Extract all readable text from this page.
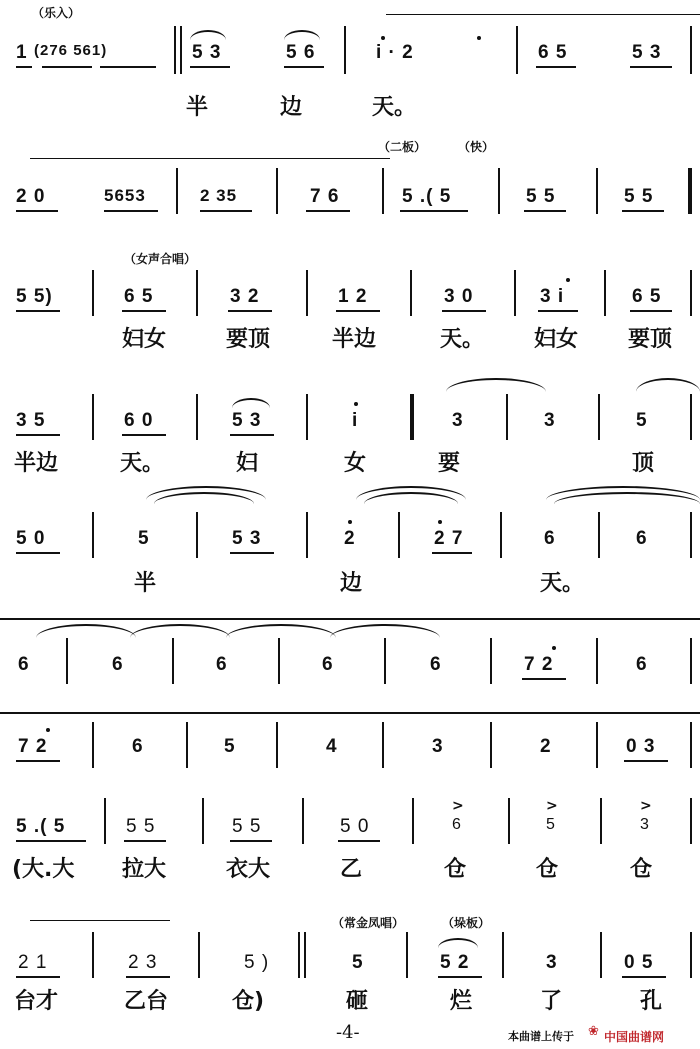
（乐入）
1 (276 561)	5 3	5 6	i · 2	6 5	5 3
半	边	天。
（二板）	（快）
2 0	5653	2 35	7 6	5 .( 5	5 5	5 5
（女声合唱）
5 5)	6 5	3 2	1 2	3 0	3 i	6 5
妇女	要顶	半边	天。 妇女 要顶
3 5	6 0	5 3	i	3	3	5
半边	天。	妇	女	要	顶
5 0	5	5 3	2	2 7	6	6
半	边	天。
6	6	6	6	6	7 2	6
7 2	6	5	4	3	2	0 3
>	>	>
5 .( 5	5 5	5 5	5 0	6	5	3
(大.大 拉大	衣大	乙	仓	仓	仓
（常金凤唱）	（垛板）
2 1	2 3	5 )	5	5 2	3	0 5
台才	乙台	仓)	砸	烂	了	孔
-4-	本曲谱上传于 ❀ 中国曲谱网
